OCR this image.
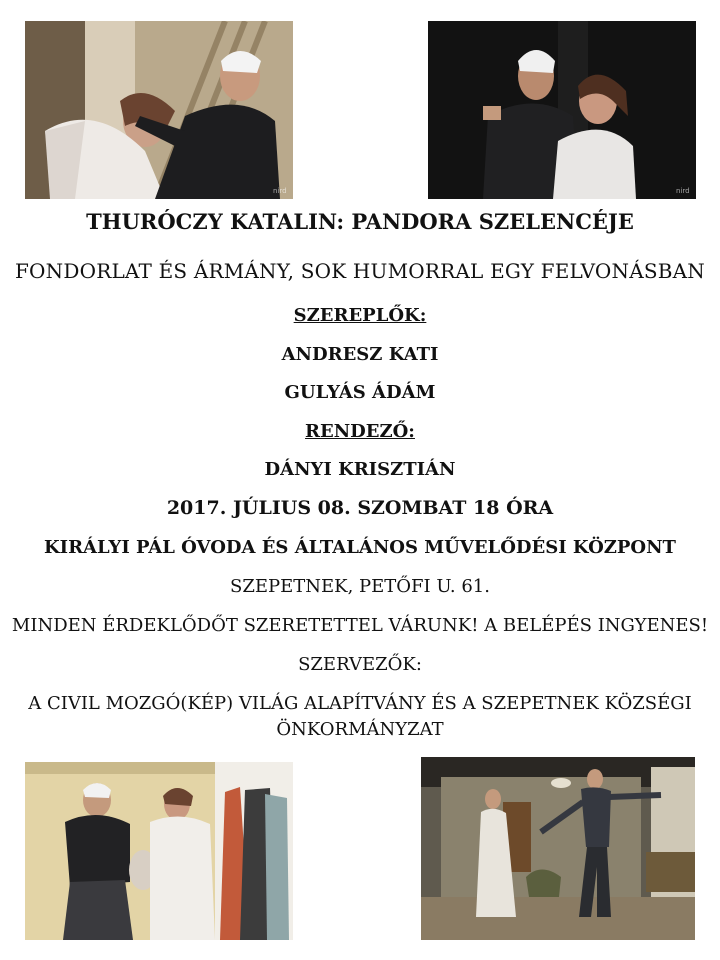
nird	nird
THURÓCZY KATALIN: PANDORA SZELENCÉJE
FONDORLAT ÉS ÁRMÁNY, SOK HUMORRAL EGY FELVONÁSBAN
SZEREPLŐK:
ANDRESZ KATI
GULYÁS ÁDÁM
RENDEZŐ:
DÁNYI KRISZTIÁN
2017. JÚLIUS 08. SZOMBAT 18 ÓRA
KIRÁLYI PÁL ÓVODA ÉS ÁLTALÁNOS MŰVELŐDÉSI KÖZPONT
SZEPETNEK, PETŐFI U. 61.
MINDEN ÉRDEKLŐDŐT SZERETETTEL VÁRUNK! A BELÉPÉS INGYENES!
SZERVEZŐK:
A CIVIL MOZGÓ(KÉP) VILÁG ALAPÍTVÁNY ÉS A SZEPETNEK KÖZSÉGI
ÖNKORMÁNYZAT
